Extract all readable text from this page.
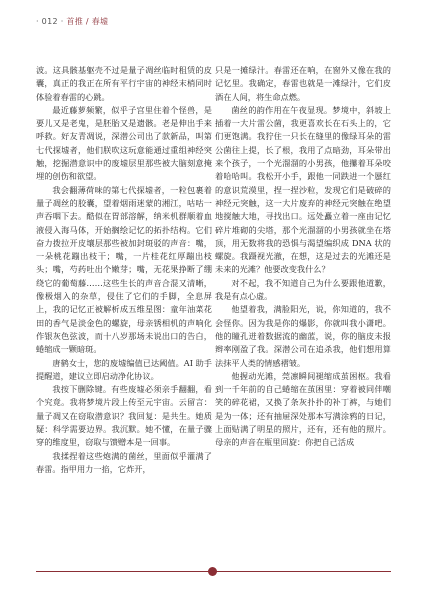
· 012 · 首推 / 春墟

波。这具骸基躯壳不过是量子凋丝临时租赁的皮囊，真正的我正在所有平行宇宙的神经末梢同时体验着春雷的心跳。

最近藤萝频繁，似乎子宫里住着个怪兽，是要儿又是老鬼，是胚胎又是遗骸。老是伸出手来呼救。好友青凋说，深潜公司出了款新品，叫第七代探墟者，他们朕吹这玩意能通过重组神经突触，挖掘潜意识中的废墟层里那些被大脑刻意掩埋的创伤和欲望。

我会翻薄荷味的第七代探墟者，一粒包裹着量子凋丝的胶囊，望着烟雨迷蒙的湘江，咕咕一声吞咽下去。酷似在胃部溶解，纳米机群顺着血液侵入海马体，开始搁绘记忆的拓扑结构。它们奋力拨拉开皮壤层那些被加封斑驳的声音：嘴，一朵桃花蹦出枝干；嘴，一片桂花红厚蹦出枝头；嘴，芍药吐出个嫩芽；嘴，无花果挣断了绷绕它的葡萄藤……这些生长的声音合混又清晰，像极烟入的杂草，侵住了它们的手脚，全息屏上，我的记忆正被解析成五维星图：童年油菜花田的香气是淡金色的螺旋，母亲锈相机的声响化作银灰色弦波，而十八岁那场未说出口的告白，蜷缩成一颗暗斑。

唐鹤女士，您的废墟编值已达阈值。AI 助手提醒道，建议立即启动净化协议。

我按下删除键。有些废墟必须亲手翻翻，看个究竟。我将梦境片段上传至元宇宙。云留言：量子凋又在窃取潜意识？我回复：是共生。她质疑：科学需要边界。我沉默。她不懂，在量子骤穿的维度里，窃取与馈赠本是一回事。

我揉捏着这些炮满的菌丝，里面似乎灌满了春雷。指甲用力一掐，它炸开，

只是一摊绿汁。春雷还在响，在窗外又像在我的记忆里。我确定，春雷也就是一滩绿汁，它们皮酒在人间，将生命点燃。

菌丝的韵作用在午夜显现。梦境中，斜坡上插着一大片雷公菌，我更喜欢长在石头上的，它们更饱满。我狞住一只长在缝里的像绿耳朵的雷公菌往上提，长了根，我用了点暗劲，耳朵带出来个孩子，一个光溜溜的小男孩，他攥着耳朵咬着哈哈叫。我松开小手，跟他一同跌进一个蜃红的意识荒漠里，捏一捏沙粒，发现它们是破碎的神经元突触，这一大片废弃的神经元突触在绝望地搅触大地，寻找出口。远处矗立着一座由记忆碎片堆砌的尖塔，那个光溜溜的小男孩就坐在塔顶，用无数将我的恐惧与渴望编织成 DNA 状的螺旋。我蹑视光澈，在想，这是过去的光滩还是未来的光滩？他要改变我什么？

对不起，我不知道自己为什么要跟他道歉，我是有点心虚。

他望着我，满脸阳光，说，你知道的，我不会怪你。因为我是你的爆影，你就叫我小潇吧。他的瞳孔迸着数据流的幽蓝，说，你的脑皮未报辫率刚盈了我。深潜公司在追杀我，他们想用算法抹平人类的情感褶皱。

他握动光滩，莞凛瞬间褪缩成茧困枢。我看到一千年前的自己蜷缩在茧困里：穿着被同伴嘲笑的碎花裙，又换了条灰扑扑的补丁裤，与她们是为一体；还有抽屉深处那本写满涂鸦的日记，上面贴满了明星的照片，还有，还有他的照片。母亲的声音在瓶里回旋：你把自己活成
